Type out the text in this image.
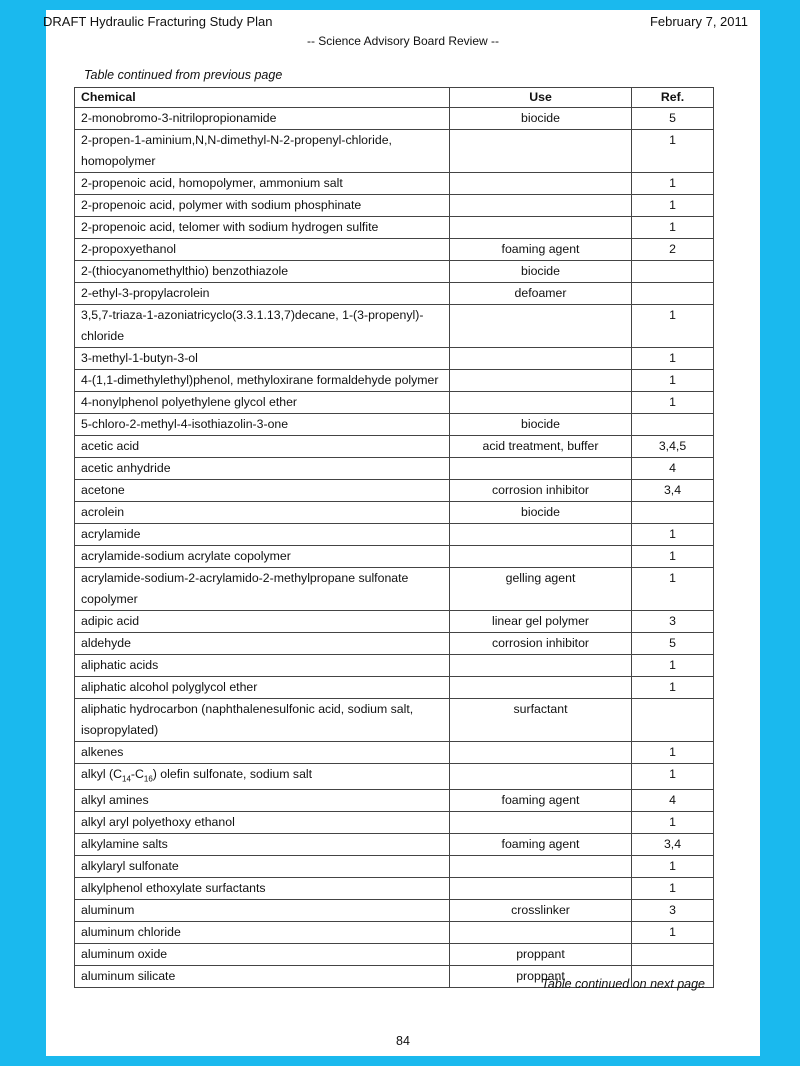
DRAFT Hydraulic Fracturing Study Plan	February 7, 2011
-- Science Advisory Board Review --
Table continued from previous page
Chemical	Use	Ref.
2-monobromo-3-nitrilopropionamide	biocide	5
2-propen-1-aminium,N,N-dimethyl-N-2-propenyl-chloride, homopolymer		1
2-propenoic acid, homopolymer, ammonium salt		1
2-propenoic acid, polymer with sodium phosphinate		1
2-propenoic acid, telomer with sodium hydrogen sulfite		1
2-propoxyethanol	foaming agent	2
2-(thiocyanomethylthio) benzothiazole	biocide	
2-ethyl-3-propylacrolein	defoamer	
3,5,7-triaza-1-azoniatricyclo(3.3.1.13,7)decane, 1-(3-propenyl)-chloride		1
3-methyl-1-butyn-3-ol		1
4-(1,1-dimethylethyl)phenol, methyloxirane formaldehyde polymer		1
4-nonylphenol polyethylene glycol ether		1
5-chloro-2-methyl-4-isothiazolin-3-one	biocide	
acetic acid	acid treatment, buffer	3,4,5
acetic anhydride		4
acetone	corrosion inhibitor	3,4
acrolein	biocide	
acrylamide		1
acrylamide-sodium acrylate copolymer		1
acrylamide-sodium-2-acrylamido-2-methylpropane sulfonate copolymer	gelling agent	1
adipic acid	linear gel polymer	3
aldehyde	corrosion inhibitor	5
aliphatic acids		1
aliphatic alcohol polyglycol ether		1
aliphatic hydrocarbon (naphthalenesulfonic acid, sodium salt, isopropylated)	surfactant	
alkenes		1
alkyl $(C_{14}-C_{16})$ olefin sulfonate, sodium salt		1
alkyl amines	foaming agent	4
alkyl aryl polyethoxy ethanol		1
alkylamine salts	foaming agent	3,4
alkylaryl sulfonate		1
alkylphenol ethoxylate surfactants		1
aluminum	crosslinker	3
aluminum chloride		1
aluminum oxide	proppant	
aluminum silicate	proppant	
Table continued on next page
84
